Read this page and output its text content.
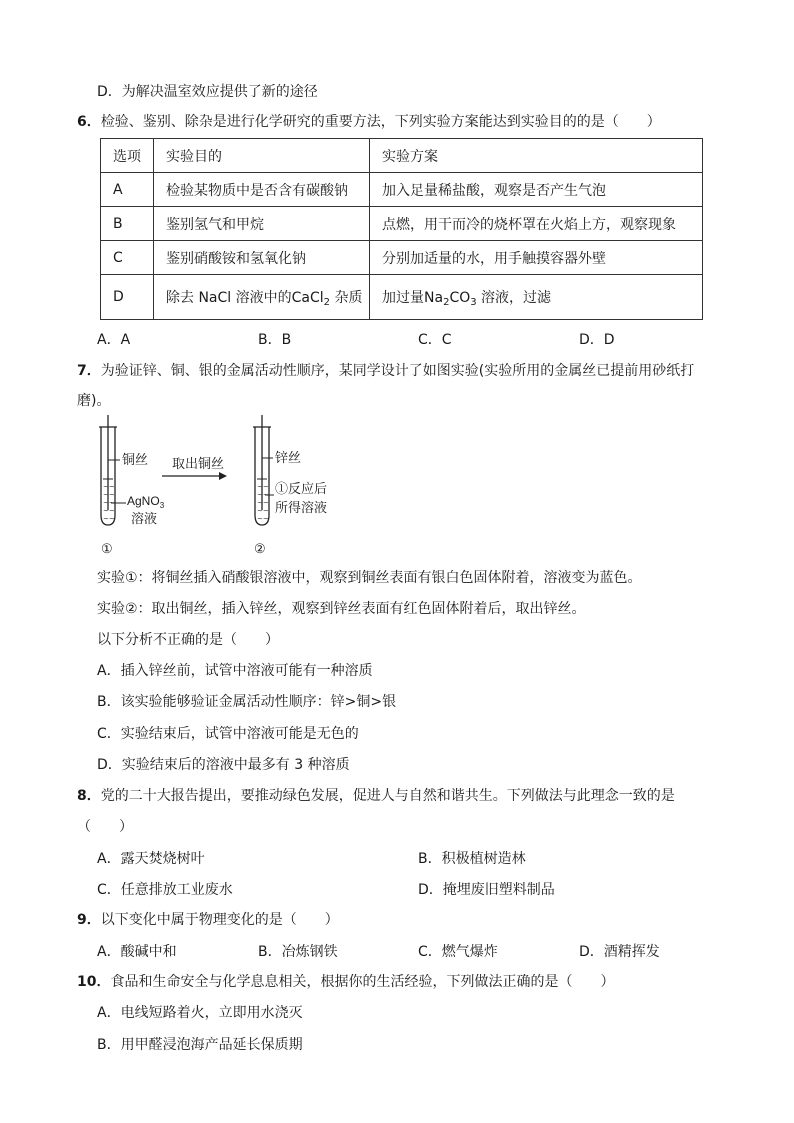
D．为解决温室效应提供了新的途径
6．检验、鉴别、除杂是进行化学研究的重要方法，下列实验方案能达到实验目的的是（　　）
选项	实验目的	实验方案
A	检验某物质中是否含有碳酸钠	加入足量稀盐酸，观察是否产生气泡
B	鉴别氢气和甲烷	点燃，用干而冷的烧杯罩在火焰上方，观察现象
C	鉴别硝酸铵和氢氧化钠	分别加适量的水，用手触摸容器外壁
D	除去 NaCl 溶液中的CaCl$_2$ 杂质	加过量$Na_2CO_3$ 溶液，过滤
A．A	B．B	C．C	D．D
7．为验证锌、铜、银的金属活动性顺序，某同学设计了如图实验(实验所用的金属丝已提前用砂纸打
磨)。
~~
~~
~~
~~
~~
铜丝
AgNO$_3$
溶液
取出铜丝
~~
~~
~~
~~
~~
锌丝
①反应后
所得溶液
①	②
实验①：将铜丝插入硝酸银溶液中，观察到铜丝表面有银白色固体附着，溶液变为蓝色。
实验②：取出铜丝，插入锌丝，观察到锌丝表面有红色固体附着后，取出锌丝。
以下分析不正确的是（　　）
A．插入锌丝前，试管中溶液可能有一种溶质
B．该实验能够验证金属活动性顺序：锌>铜>银
C．实验结束后，试管中溶液可能是无色的
D．实验结束后的溶液中最多有 3 种溶质
8．党的二十大报告提出，要推动绿色发展，促进人与自然和谐共生。下列做法与此理念一致的是
（　　）
A．露天焚烧树叶	B．积极植树造林
C．任意排放工业废水	D．掩埋废旧塑料制品
9．以下变化中属于物理变化的是（　　）
A．酸碱中和	B．冶炼钢铁	C．燃气爆炸	D．酒精挥发
10．食品和生命安全与化学息息相关，根据你的生活经验，下列做法正确的是（　　）
A．电线短路着火，立即用水浇灭
B．用甲醛浸泡海产品延长保质期
